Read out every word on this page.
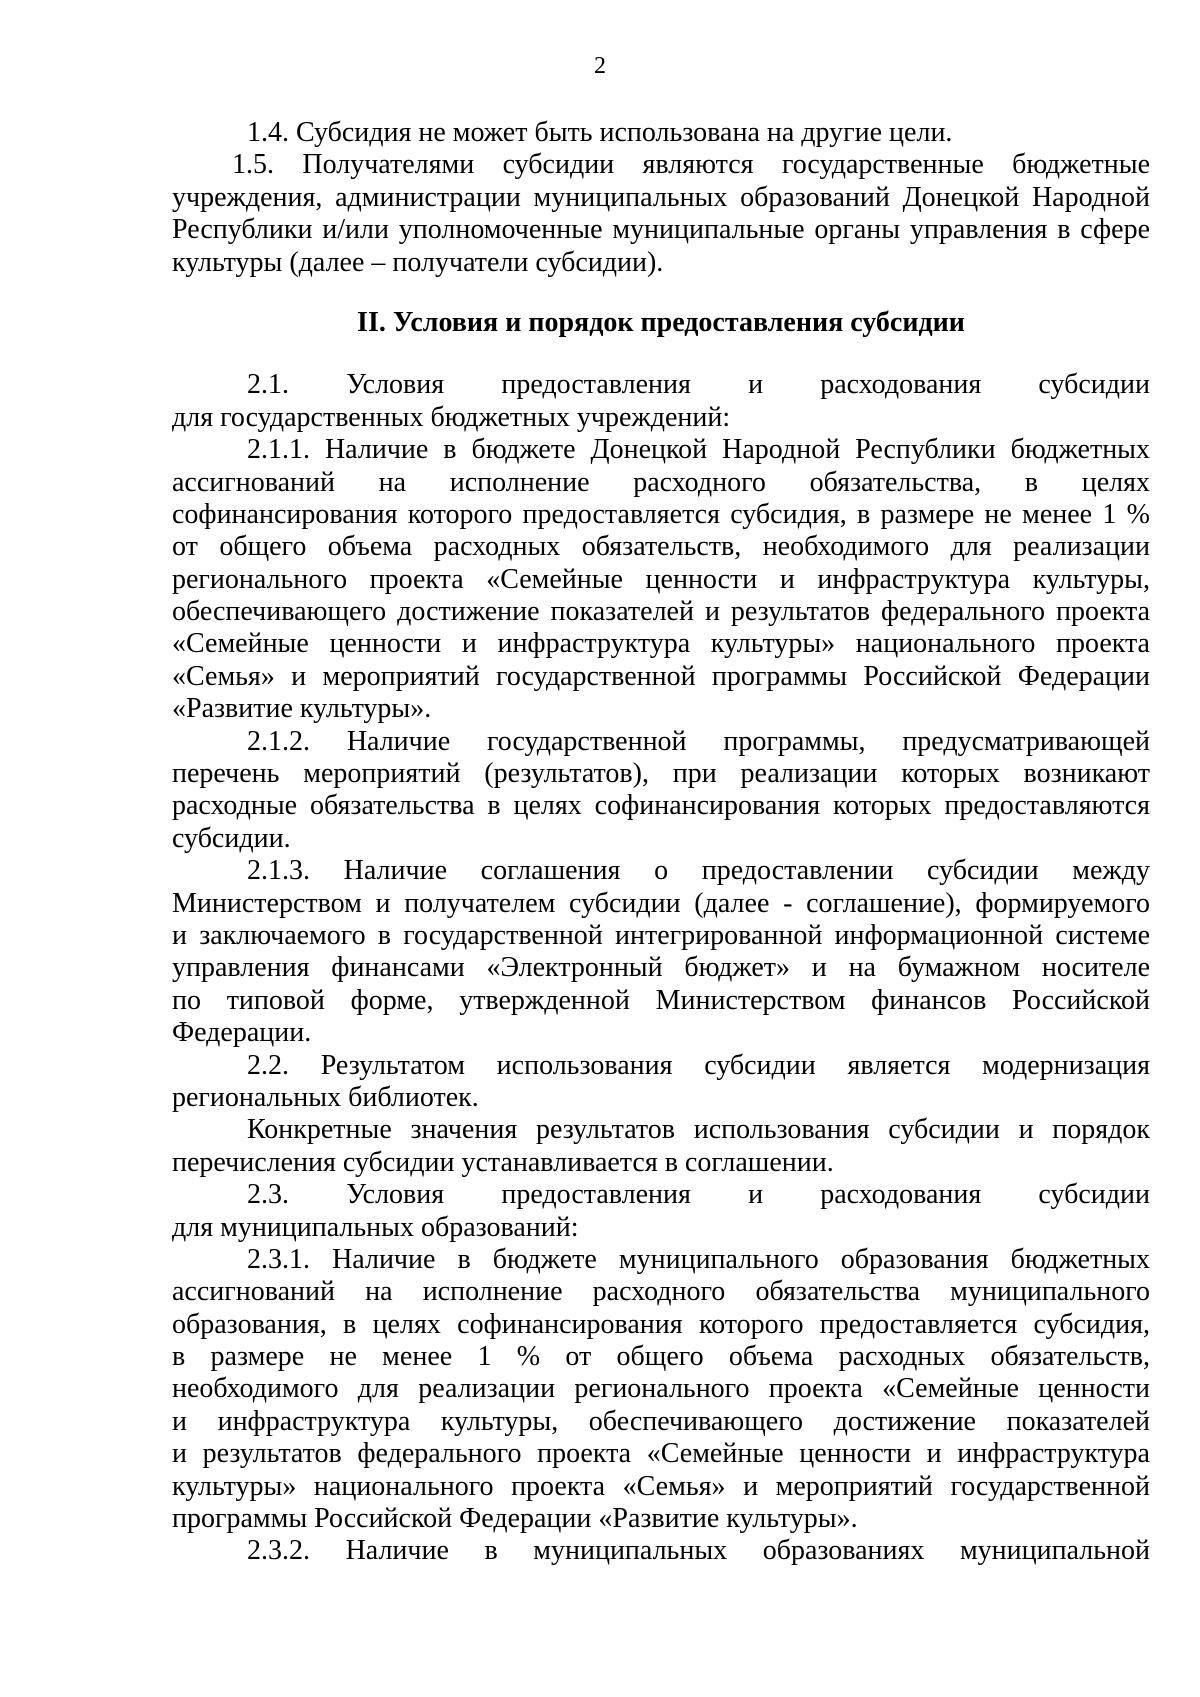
2

1.4. Субсидия не может быть использована на другие цели.

1.5. Получателями субсидии являются государственные бюджетные
учреждения, администрации муниципальных образований Донецкой Народной
Республики и/или уполномоченные муниципальные органы управления в сфере
культуры (далее – получатели субсидии).

II. Условия и порядок предоставления субсидии

2.1. Условия предоставления и расходования субсидии
для государственных бюджетных учреждений:

2.1.1. Наличие в бюджете Донецкой Народной Республики бюджетных
ассигнований на исполнение расходного обязательства, в целях
софинансирования которого предоставляется субсидия, в размере не менее 1 %
от общего объема расходных обязательств, необходимого для реализации
регионального проекта «Семейные ценности и инфраструктура культуры,
обеспечивающего достижение показателей и результатов федерального проекта
«Семейные ценности и инфраструктура культуры» национального проекта
«Семья» и мероприятий государственной программы Российской Федерации
«Развитие культуры».

2.1.2. Наличие государственной программы, предусматривающей
перечень мероприятий (результатов), при реализации которых возникают
расходные обязательства в целях софинансирования которых предоставляются
субсидии.

2.1.3. Наличие соглашения о предоставлении субсидии между
Министерством и получателем субсидии (далее - соглашение), формируемого
и заключаемого в государственной интегрированной информационной системе
управления финансами «Электронный бюджет» и на бумажном носителе
по типовой форме, утвержденной Министерством финансов Российской
Федерации.

2.2. Результатом использования субсидии является модернизация
региональных библиотек.

Конкретные значения результатов использования субсидии и порядок
перечисления субсидии устанавливается в соглашении.

2.3. Условия предоставления и расходования субсидии
для муниципальных образований:

2.3.1. Наличие в бюджете муниципального образования бюджетных
ассигнований на исполнение расходного обязательства муниципального
образования, в целях софинансирования которого предоставляется субсидия,
в размере не менее 1 % от общего объема расходных обязательств,
необходимого для реализации регионального проекта «Семейные ценности
и инфраструктура культуры, обеспечивающего достижение показателей
и результатов федерального проекта «Семейные ценности и инфраструктура
культуры» национального проекта «Семья» и мероприятий государственной
программы Российской Федерации «Развитие культуры».

2.3.2. Наличие в муниципальных образованиях муниципальной
